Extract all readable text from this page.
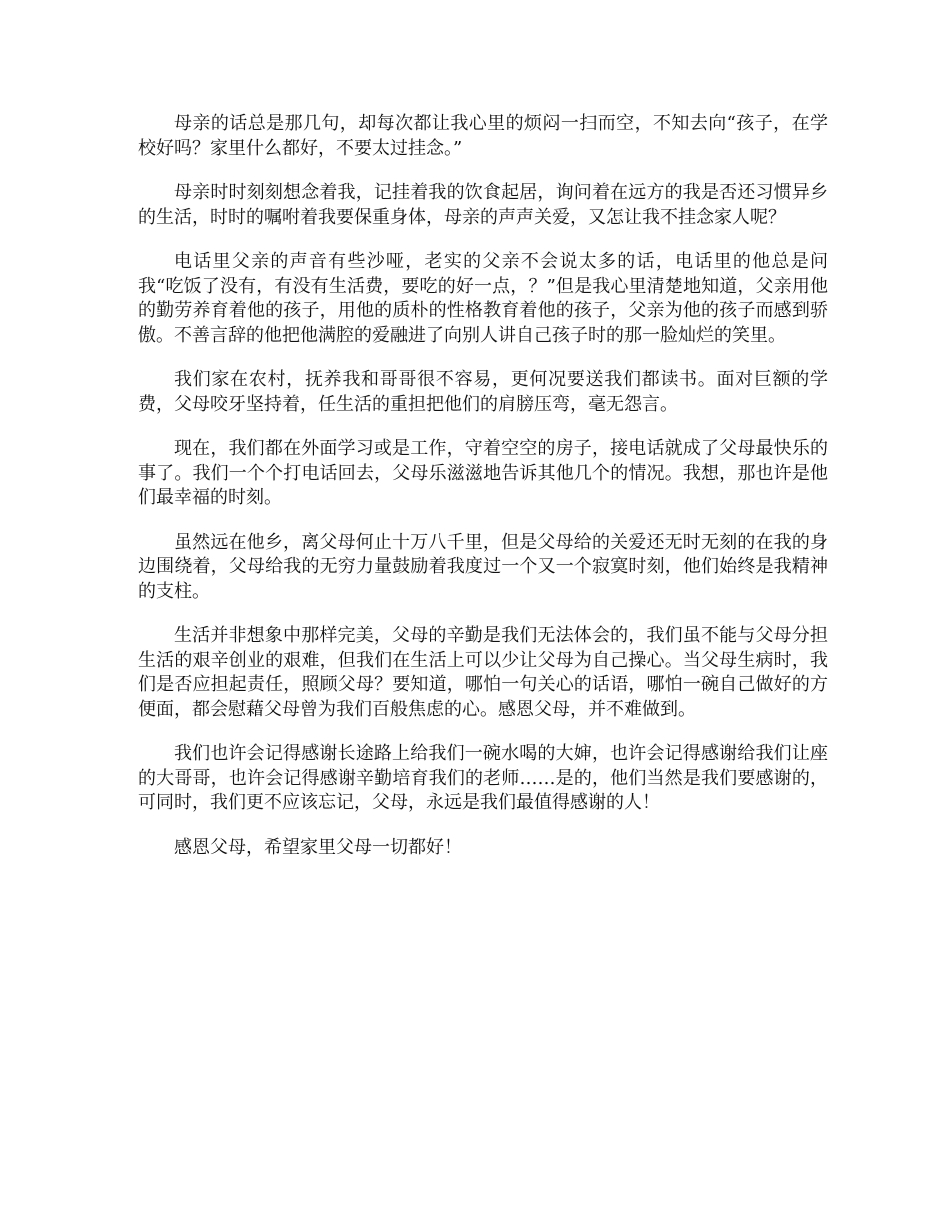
母亲的话总是那几句，却每次都让我心里的烦闷一扫而空，不知去向“孩子，在学校好吗？家里什么都好，不要太过挂念。”

母亲时时刻刻想念着我，记挂着我的饮食起居，询问着在远方的我是否还习惯异乡的生活，时时的嘱咐着我要保重身体，母亲的声声关爱，又怎让我不挂念家人呢？

电话里父亲的声音有些沙哑，老实的父亲不会说太多的话，电话里的他总是问我“吃饭了没有，有没有生活费，要吃的好一点，？”但是我心里清楚地知道，父亲用他的勤劳养育着他的孩子，用他的质朴的性格教育着他的孩子，父亲为他的孩子而感到骄傲。不善言辞的他把他满腔的爱融进了向别人讲自己孩子时的那一脸灿烂的笑里。

我们家在农村，抚养我和哥哥很不容易，更何况要送我们都读书。面对巨额的学费，父母咬牙坚持着，任生活的重担把他们的肩膀压弯，毫无怨言。

现在，我们都在外面学习或是工作，守着空空的房子，接电话就成了父母最快乐的事了。我们一个个打电话回去，父母乐滋滋地告诉其他几个的情况。我想，那也许是他们最幸福的时刻。

虽然远在他乡，离父母何止十万八千里，但是父母给的关爱还无时无刻的在我的身边围绕着，父母给我的无穷力量鼓励着我度过一个又一个寂寞时刻，他们始终是我精神的支柱。

生活并非想象中那样完美，父母的辛勤是我们无法体会的，我们虽不能与父母分担生活的艰辛创业的艰难，但我们在生活上可以少让父母为自己操心。当父母生病时，我们是否应担起责任，照顾父母？要知道，哪怕一句关心的话语，哪怕一碗自己做好的方便面，都会慰藉父母曾为我们百般焦虑的心。感恩父母，并不难做到。

我们也许会记得感谢长途路上给我们一碗水喝的大婶，也许会记得感谢给我们让座的大哥哥，也许会记得感谢辛勤培育我们的老师……是的，他们当然是我们要感谢的，可同时，我们更不应该忘记，父母，永远是我们最值得感谢的人！

感恩父母，希望家里父母一切都好！
